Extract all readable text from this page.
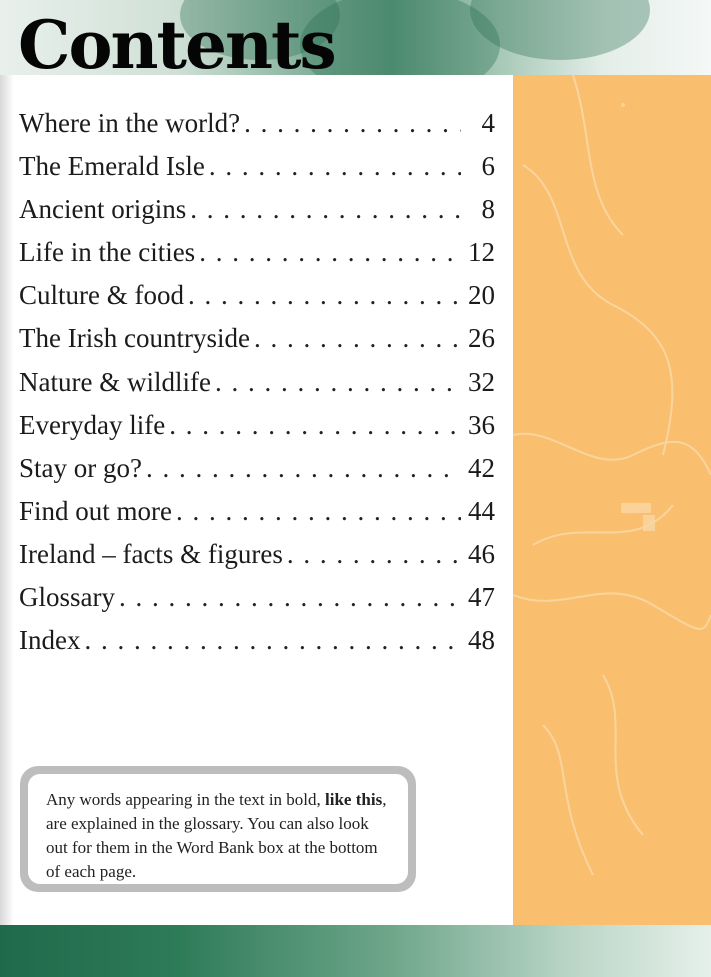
Contents
Where in the world? . . .	4
The Emerald Isle . . .	6
Ancient origins . . .	8
Life in the cities . . .	12
Culture & food . . .	20
The Irish countryside . . .	26
Nature & wildlife . . .	32
Everyday life . . .	36
Stay or go? . . .	42
Find out more . . .	44
Ireland – facts & figures . . .	46
Glossary . . .	47
Index . . .	48
Any words appearing in the text in bold, like this, are explained in the glossary. You can also look out for them in the Word Bank box at the bottom of each page.
